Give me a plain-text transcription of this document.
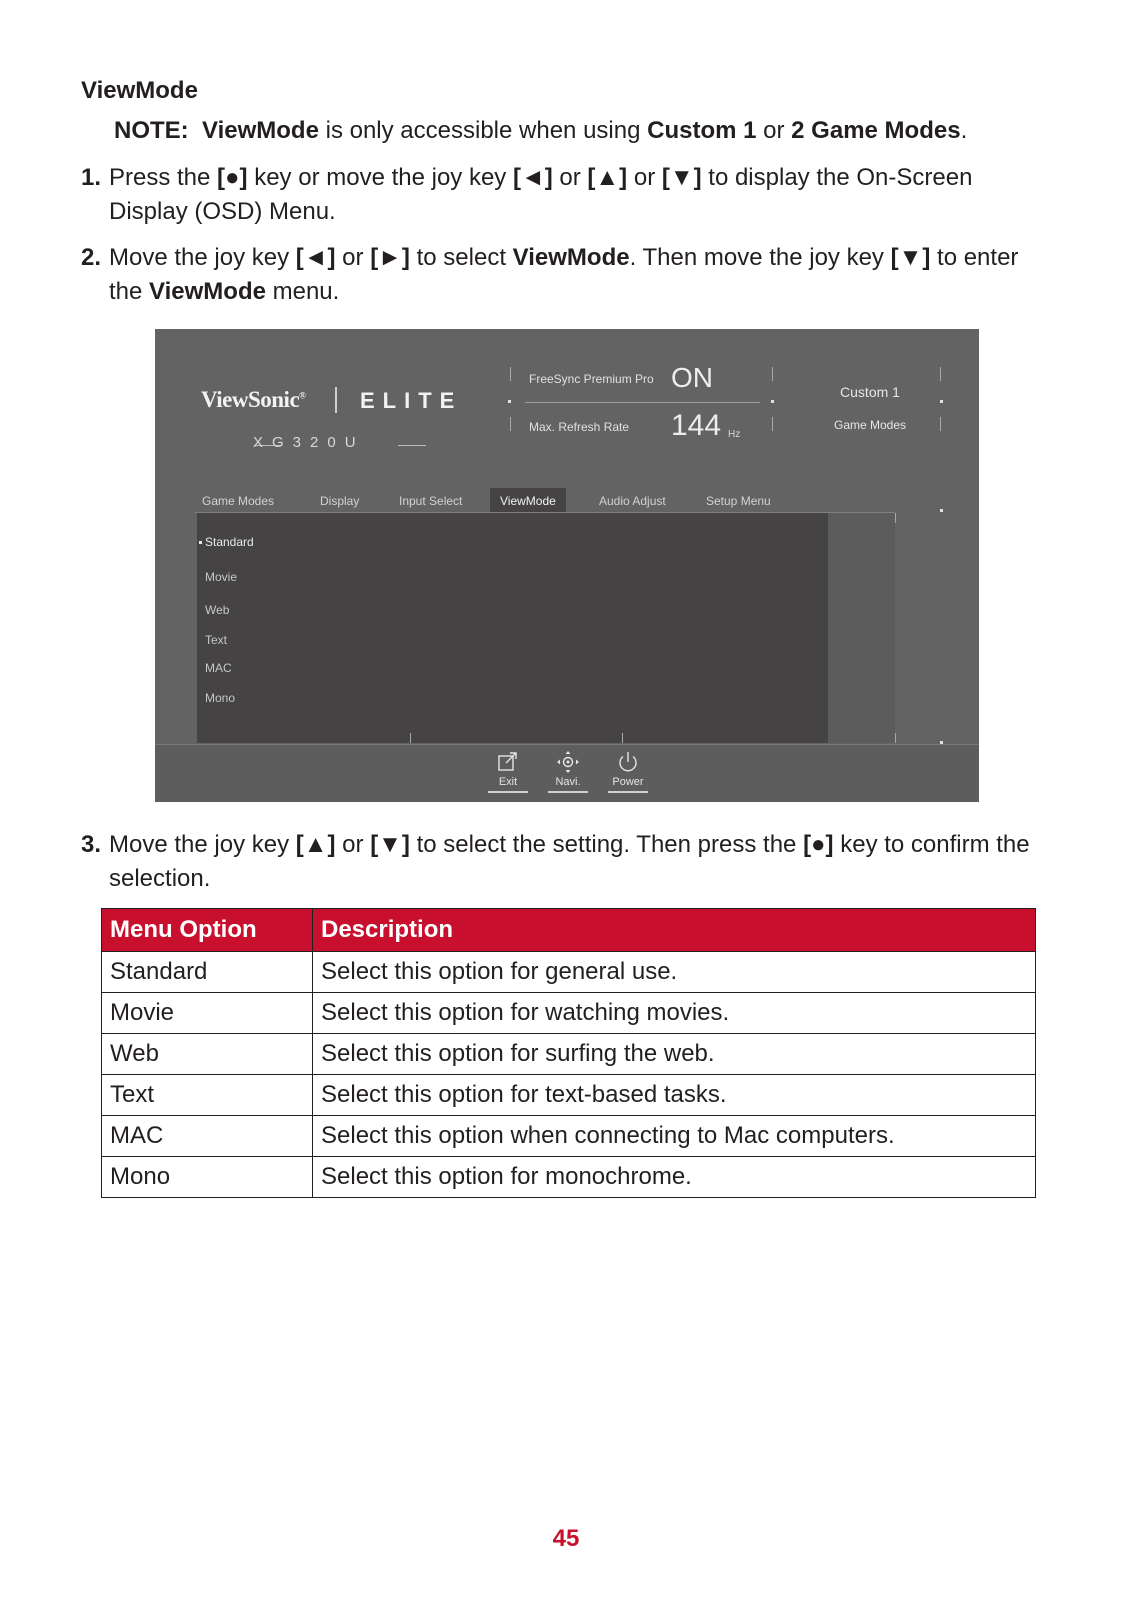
ViewMode
NOTE: ViewMode is only accessible when using Custom 1 or 2 Game Modes.
1. Press the [●] key or move the joy key [◄] or [▲] or [▼] to display the On-Screen Display (OSD) Menu.
2. Move the joy key [◄] or [►] to select ViewMode. Then move the joy key [▼] to enter the ViewMode menu.
ViewSonic® ELITE
XG320U
FreeSync Premium Pro ON
Max. Refresh Rate 144 Hz
Custom 1
Game Modes
Game Modes	Display	Input Select	ViewMode	Audio Adjust	Setup Menu
Standard
Movie
Web
Text
MAC
Mono
Exit	Navi.	Power
3. Move the joy key [▲] or [▼] to select the setting. Then press the [●] key to confirm the selection.
Menu Option	Description
Standard	Select this option for general use.
Movie	Select this option for watching movies.
Web	Select this option for surfing the web.
Text	Select this option for text-based tasks.
MAC	Select this option when connecting to Mac computers.
Mono	Select this option for monochrome.
45
